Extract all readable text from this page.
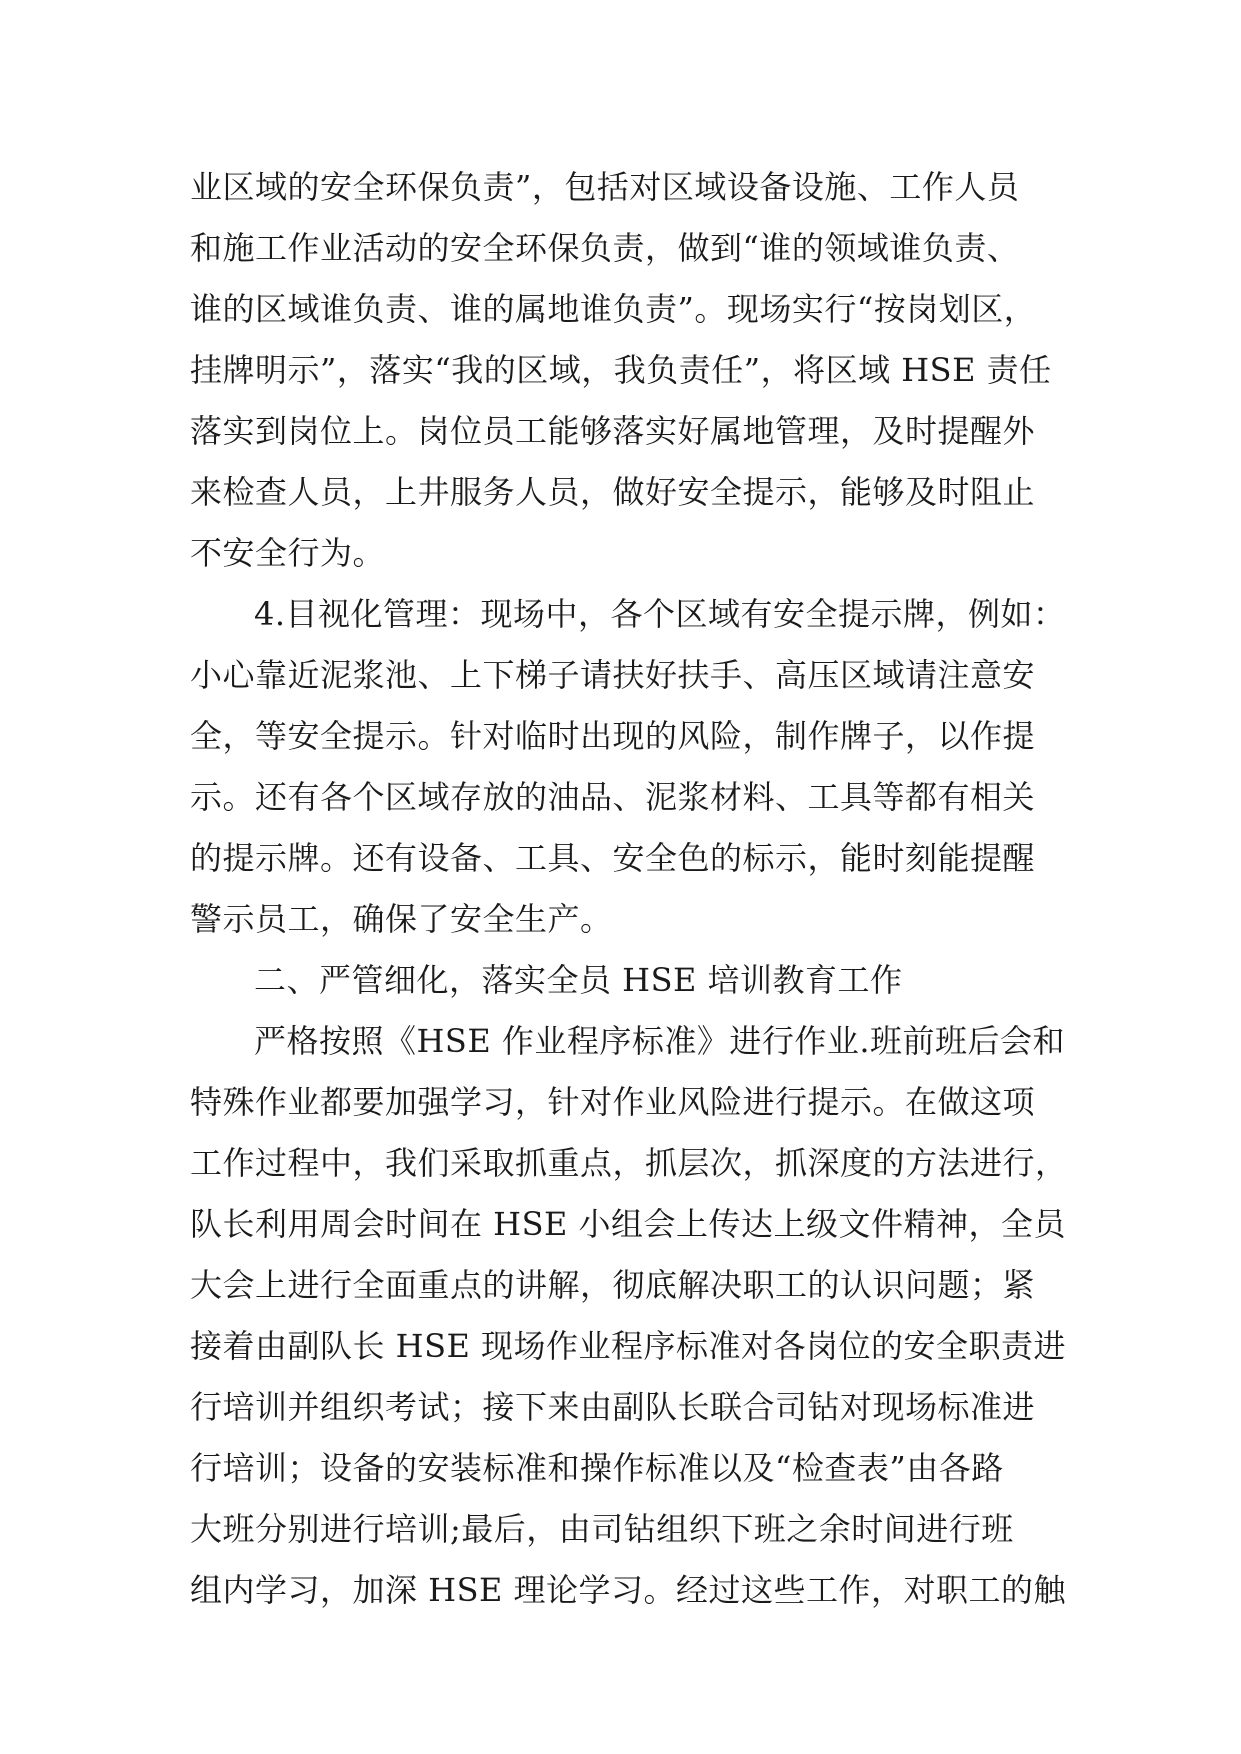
业区域的安全环保负责”，包括对区域设备设施、工作人员
和施工作业活动的安全环保负责，做到“谁的领域谁负责、
谁的区域谁负责、谁的属地谁负责”。现场实行“按岗划区，
挂牌明示”，落实“我的区域，我负责任”，将区域 HSE 责任
落实到岗位上。岗位员工能够落实好属地管理，及时提醒外
来检查人员，上井服务人员，做好安全提示，能够及时阻止
不安全行为。
4.目视化管理：现场中，各个区域有安全提示牌，例如：
小心靠近泥浆池、上下梯子请扶好扶手、高压区域请注意安
全，等安全提示。针对临时出现的风险，制作牌子，以作提
示。还有各个区域存放的油品、泥浆材料、工具等都有相关
的提示牌。还有设备、工具、安全色的标示，能时刻能提醒
警示员工，确保了安全生产。
二、严管细化，落实全员 HSE 培训教育工作
严格按照《HSE 作业程序标准》进行作业.班前班后会和
特殊作业都要加强学习，针对作业风险进行提示。在做这项
工作过程中，我们采取抓重点，抓层次，抓深度的方法进行，
队长利用周会时间在 HSE 小组会上传达上级文件精神，全员
大会上进行全面重点的讲解，彻底解决职工的认识问题；紧
接着由副队长 HSE 现场作业程序标准对各岗位的安全职责进
行培训并组织考试；接下来由副队长联合司钻对现场标准进
行培训；设备的安装标准和操作标准以及“检查表”由各路
大班分别进行培训;最后，由司钻组织下班之余时间进行班
组内学习，加深 HSE 理论学习。经过这些工作，对职工的触
